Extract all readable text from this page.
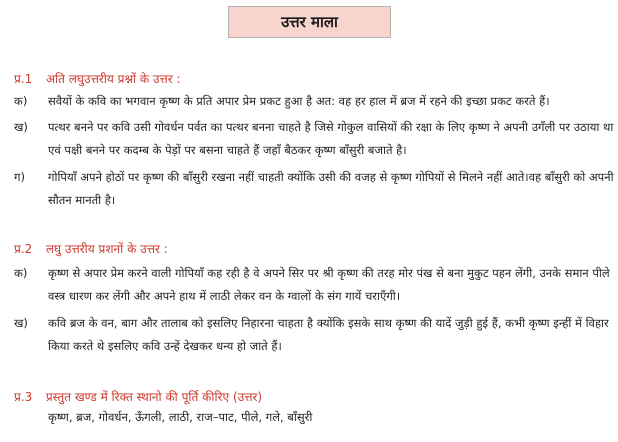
उत्तर माला
प्र.1 अति लघुउत्तरीय प्रश्नों के उत्तर :
क)	सवैयों के कवि का भगवान कृष्ण के प्रति अपार प्रेम प्रकट हुआ है अत: वह हर हाल में ब्रज में रहने की इच्छा प्रकट करते हैं।
ख)	पत्थर बनने पर कवि उसी गोवर्धन पर्वत का पत्थर बनना चाहते है जिसे गोकुल वासियों की रक्षा के लिए कृष्ण ने अपनी उगँली पर उठाया था एवं पक्षी बनने पर कदम्ब के पेड़ों पर बसना चाहते हैं जहाँ बैठकर कृष्ण बाँसुरी बजाते है।
ग)	गोपियाँ अपने होठों पर कृष्ण की बाँसुरी रखना नहीं चाहती क्योंकि उसी की वजह से कृष्ण गोपियों से मिलने नहीं आते।वह बाँसुरी को अपनी सौतन मानती है।
प्र.2 लघु उत्तरीय प्रशनों के उत्तर :
क)	कृष्ण से अपार प्रेम करने वाली गोपियाँ कह रही है वे अपने सिर पर श्री कृष्ण की तरह मोर पंख से बना मुकुट पहन लेंगी, उनके समान पीले वस्त्र धारण कर लेंगी और अपने हाथ में लाठी लेकर वन के ग्वालों के संग गायें चराएँगी।
ख)	कवि ब्रज के वन, बाग और तालाब को इसलिए निहारना चाहता है क्योंकि इसके साथ कृष्ण की यादें जुड़ी हुई हैं, कभी कृष्ण इन्हीं में विहार किया करते थे इसलिए कवि उन्हें देखकर धन्य हो जाते हैं।
प्र.3 प्रस्तुत खण्ड में रिक्त स्थानो की पूर्ति कीरिए (उत्तर)
कृष्ण, ब्रज, गोवर्धन, ऊँगली, लाठी, राज–पाट, पीले, गले, बाँसुरी
